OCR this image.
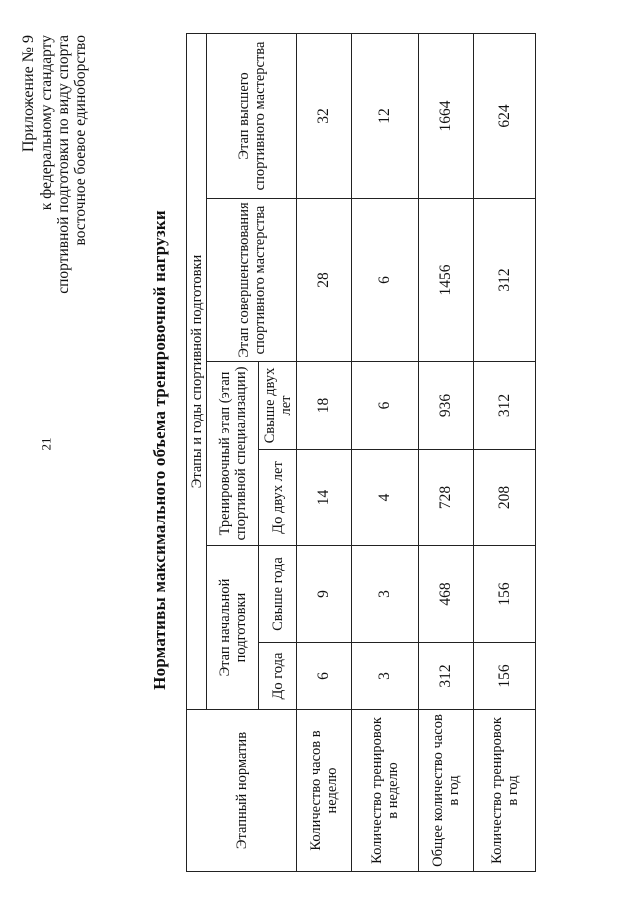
21
Приложение № 9 к федеральному стандарту спортивной подготовки по виду спорта восточное боевое единоборство
Нормативы максимального объема тренировочной нагрузки
Этапный норматив	Этапы и годы спортивной подготовки					
	Этап начальной подготовки		Тренировочный этап (этап спортивной специализации)		Этап совершенствования спортивного мастерства	Этап высшего спортивного мастерства
	До года	Свыше года	До двух лет	Свыше двух лет		
Количество часов в неделю	6	9	14	18	28	32
Количество тренировок в неделю	3	3	4	6	6	12
Общее количество часов в год	312	468	728	936	1456	1664
Количество тренировок в год	156	156	208	312	312	624
